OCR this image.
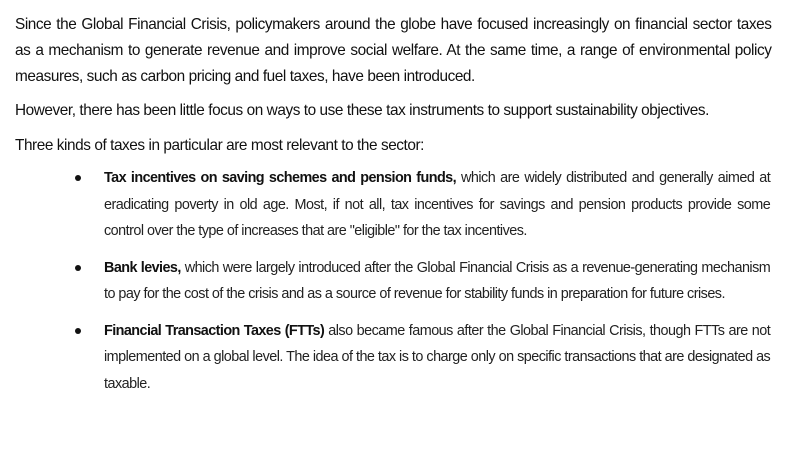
Since the Global Financial Crisis, policymakers around the globe have focused increasingly on financial sector taxes as a mechanism to generate revenue and improve social welfare. At the same time, a range of environmental policy measures, such as carbon pricing and fuel taxes, have been introduced.

However, there has been little focus on ways to use these tax instruments to support sustainability objectives.

Three kinds of taxes in particular are most relevant to the sector:

Tax incentives on saving schemes and pension funds, which are widely distributed and generally aimed at eradicating poverty in old age. Most, if not all, tax incentives for savings and pension products provide some control over the type of increases that are "eligible" for the tax incentives.
Bank levies, which were largely introduced after the Global Financial Crisis as a revenue-generating mechanism to pay for the cost of the crisis and as a source of revenue for stability funds in preparation for future crises.
Financial Transaction Taxes (FTTs) also became famous after the Global Financial Crisis, though FTTs are not implemented on a global level. The idea of the tax is to charge only on specific transactions that are designated as taxable.
